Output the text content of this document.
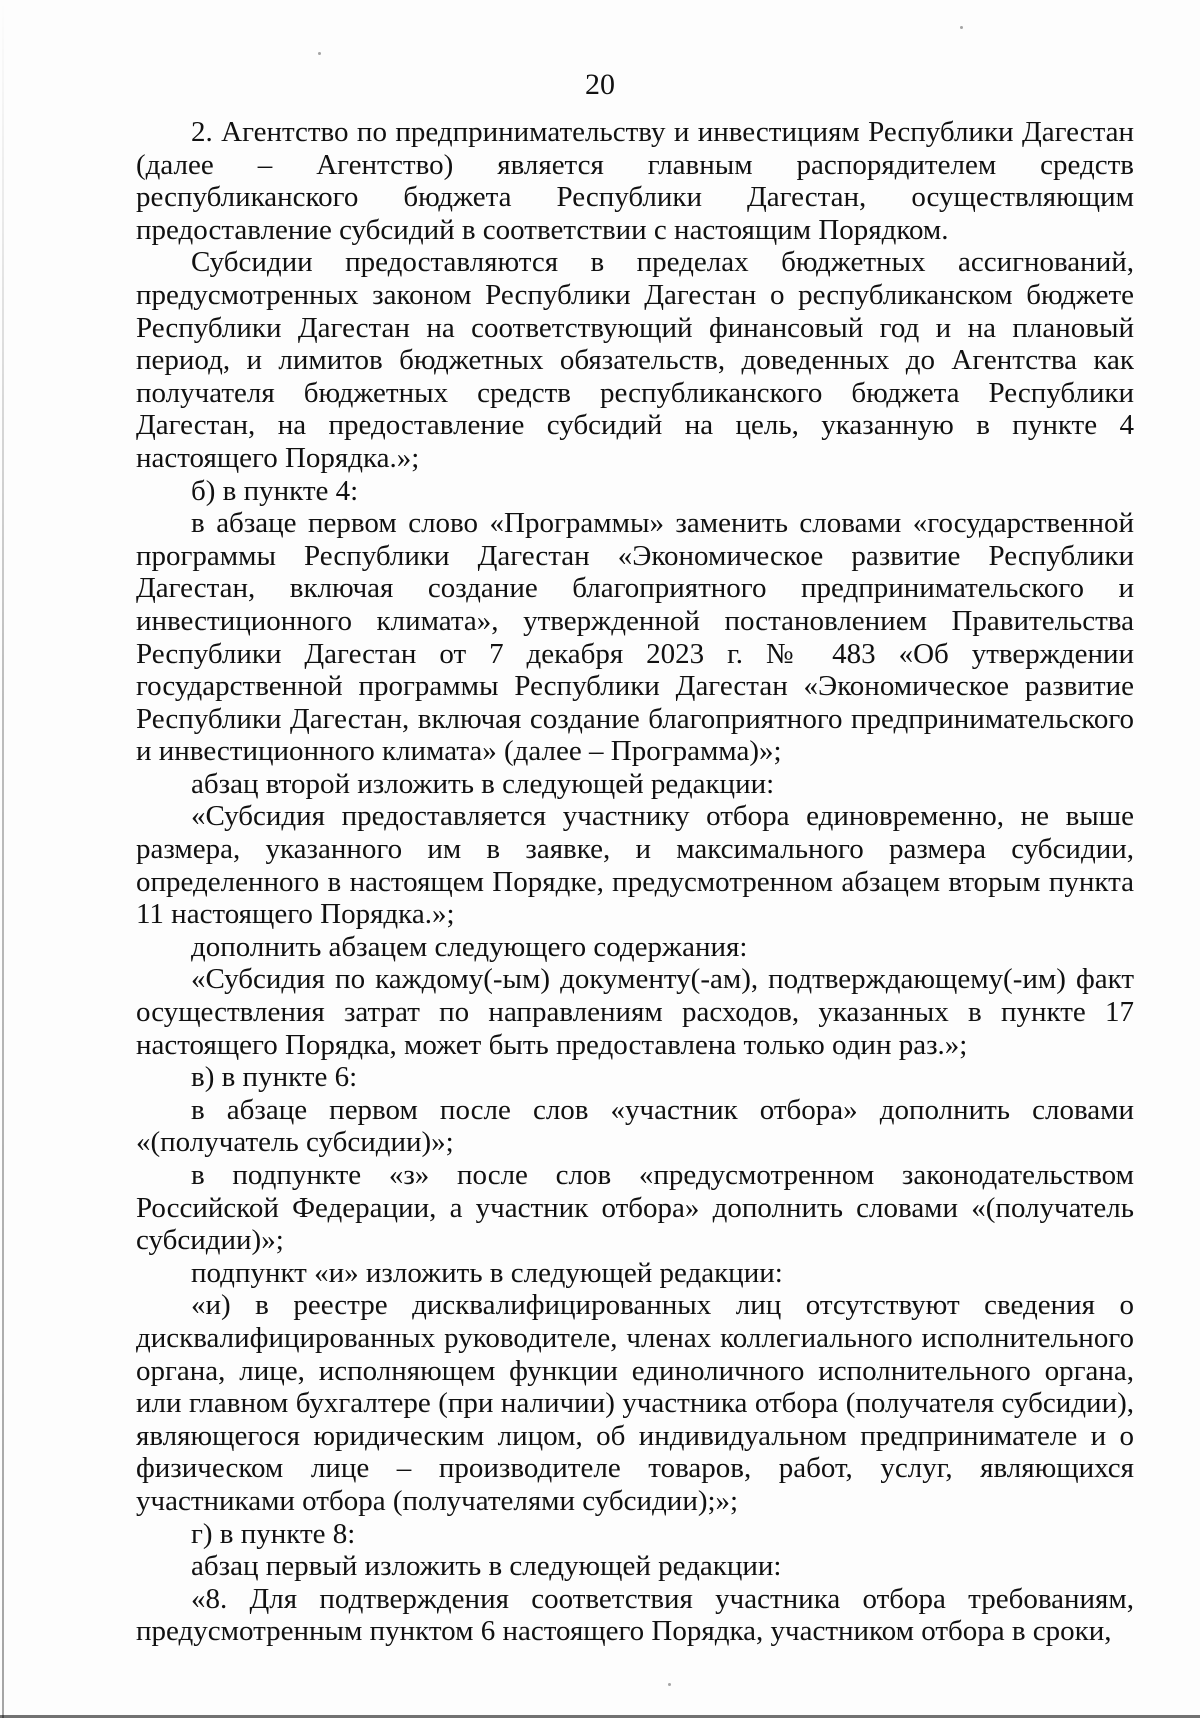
20

2. Агентство по предпринимательству и инвестициям Республики Дагестан (далее – Агентство) является главным распорядителем средств республиканского бюджета Республики Дагестан, осуществляющим предоставление субсидий в соответствии с настоящим Порядком.

Субсидии предоставляются в пределах бюджетных ассигнований, предусмотренных законом Республики Дагестан о республиканском бюджете Республики Дагестан на соответствующий финансовый год и на плановый период, и лимитов бюджетных обязательств, доведенных до Агентства как получателя бюджетных средств республиканского бюджета Республики Дагестан, на предоставление субсидий на цель, указанную в пункте 4 настоящего Порядка.»;

б) в пункте 4:

в абзаце первом слово «Программы» заменить словами «государственной программы Республики Дагестан «Экономическое развитие Республики Дагестан, включая создание благоприятного предпринимательского и инвестиционного климата», утвержденной постановлением Правительства Республики Дагестан от 7 декабря 2023 г. № 483 «Об утверждении государственной программы Республики Дагестан «Экономическое развитие Республики Дагестан, включая создание благоприятного предпринимательского и инвестиционного климата» (далее – Программа)»;

абзац второй изложить в следующей редакции:

«Субсидия предоставляется участнику отбора единовременно, не выше размера, указанного им в заявке, и максимального размера субсидии, определенного в настоящем Порядке, предусмотренном абзацем вторым пункта 11 настоящего Порядка.»;

дополнить абзацем следующего содержания:

«Субсидия по каждому(-ым) документу(-ам), подтверждающему(-им) факт осуществления затрат по направлениям расходов, указанных в пункте 17 настоящего Порядка, может быть предоставлена только один раз.»;

в) в пункте 6:

в абзаце первом после слов «участник отбора» дополнить словами «(получатель субсидии)»;

в подпункте «з» после слов «предусмотренном законодательством Российской Федерации, а участник отбора» дополнить словами «(получатель субсидии)»;

подпункт «и» изложить в следующей редакции:

«и) в реестре дисквалифицированных лиц отсутствуют сведения о дисквалифицированных руководителе, членах коллегиального исполнительного органа, лице, исполняющем функции единоличного исполнительного органа, или главном бухгалтере (при наличии) участника отбора (получателя субсидии), являющегося юридическим лицом, об индивидуальном предпринимателе и о физическом лице – производителе товаров, работ, услуг, являющихся участниками отбора (получателями субсидии);»;

г) в пункте 8:

абзац первый изложить в следующей редакции:

«8. Для подтверждения соответствия участника отбора требованиям, предусмотренным пунктом 6 настоящего Порядка, участником отбора в сроки,
